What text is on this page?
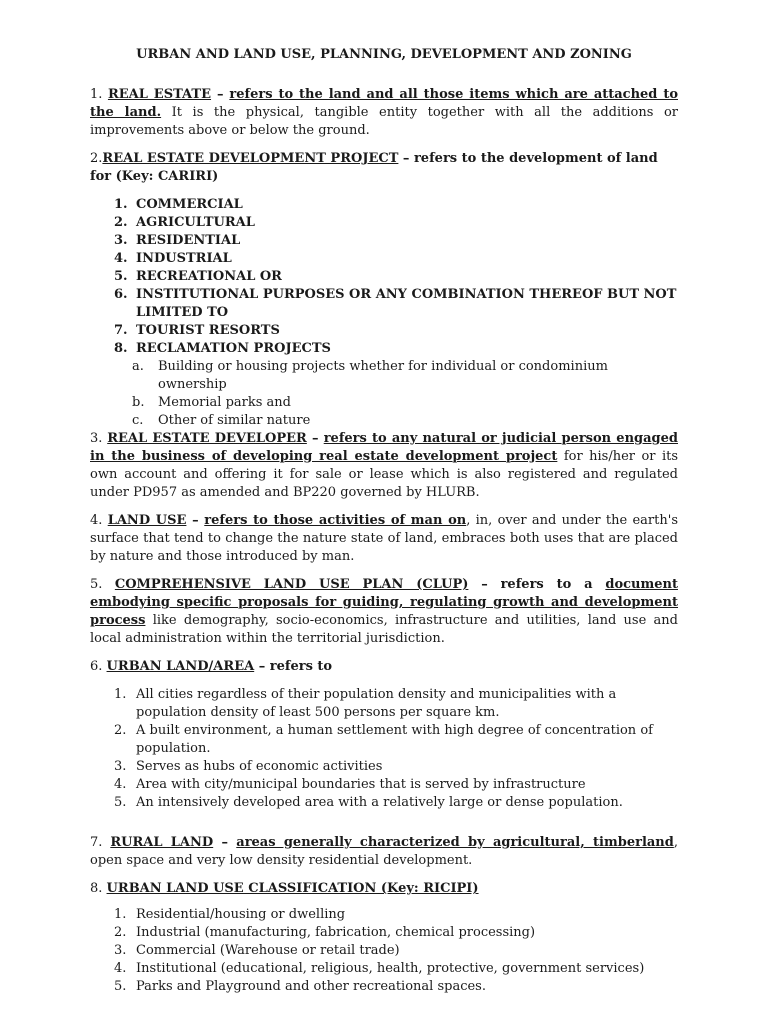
URBAN AND LAND USE, PLANNING, DEVELOPMENT AND ZONING

1. REAL ESTATE – refers to the land and all those items which are attached to the land. It is the physical, tangible entity together with all the additions or improvements above or below the ground.

2.REAL ESTATE DEVELOPMENT PROJECT – refers to the development of land for (Key: CARIRI)

1. COMMERCIAL
2. AGRICULTURAL
3. RESIDENTIAL
4. INDUSTRIAL
5. RECREATIONAL OR
6. INSTITUTIONAL PURPOSES OR ANY COMBINATION THEREOF BUT NOT LIMITED TO
7. TOURIST RESORTS
8. RECLAMATION PROJECTS
a.	Building or housing projects whether for individual or condominium ownership
b.	Memorial parks and
c.	Other of similar nature

3. REAL ESTATE DEVELOPER – refers to any natural or judicial person engaged in the business of developing real estate development project for his/her or its own account and offering it for sale or lease which is also registered and regulated under PD957 as amended and BP220 governed by HLURB.

4. LAND USE – refers to those activities of man on, in, over and under the earth's surface that tend to change the nature state of land, embraces both uses that are placed by nature and those introduced by man.

5. COMPREHENSIVE LAND USE PLAN (CLUP) – refers to a document embodying specific proposals for guiding, regulating growth and development process like demography, socio-economics, infrastructure and utilities, land use and local administration within the territorial jurisdiction.

6. URBAN LAND/AREA – refers to

1. All cities regardless of their population density and municipalities with a population density of least 500 persons per square km.
2. A built environment, a human settlement with high degree of concentration of population.
3. Serves as hubs of economic activities
4. Area with city/municipal boundaries that is served by infrastructure
5. An intensively developed area with a relatively large or dense population.

7. RURAL LAND – areas generally characterized by agricultural, timberland, open space and very low density residential development.

8. URBAN LAND USE CLASSIFICATION (Key: RICIPI)

1. Residential/housing or dwelling
2. Industrial (manufacturing, fabrication, chemical processing)
3. Commercial (Warehouse or retail trade)
4. Institutional (educational, religious, health, protective, government services)
5. Parks and Playground and other recreational spaces.
